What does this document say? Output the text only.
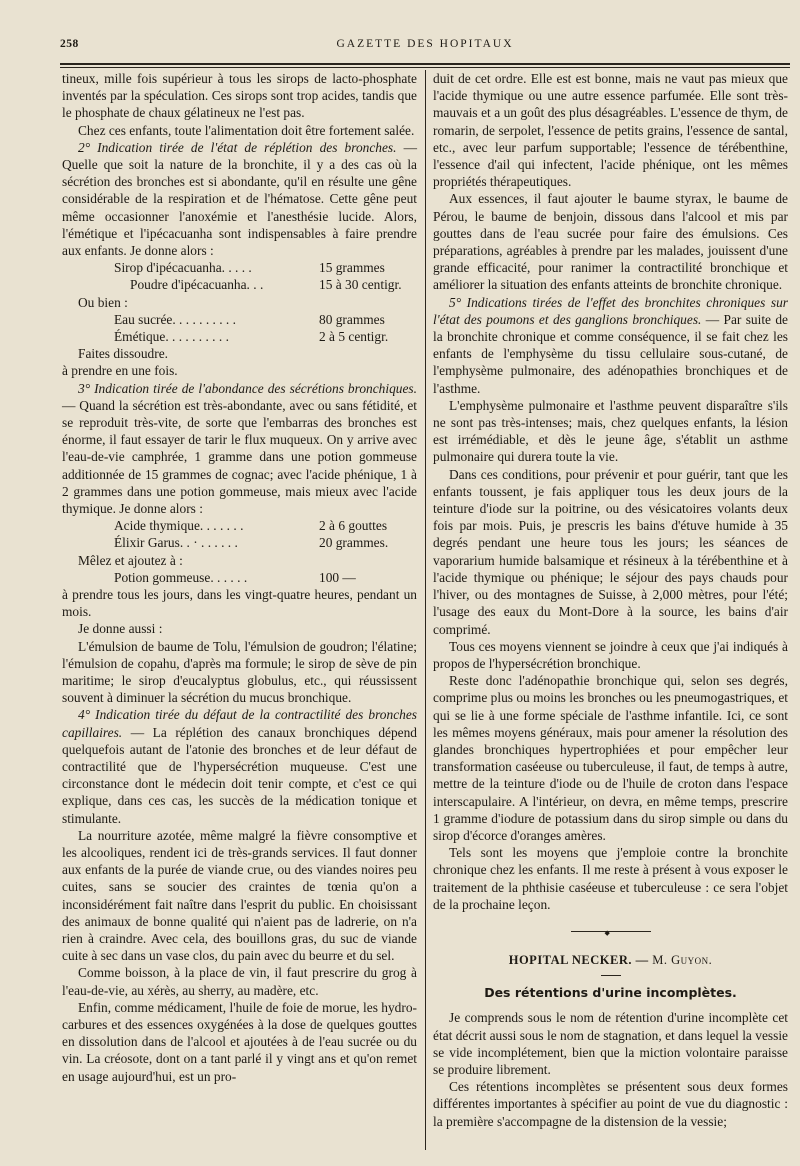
258	GAZETTE DES HOPITAUX

tineux, mille fois supérieur à tous les sirops de lacto-phosphate inventés par la spéculation. Ces sirops sont trop acides, tandis que le phosphate de chaux gélatineux ne l'est pas.

Chez ces enfants, toute l'alimentation doit être fortement salée.

2° Indication tirée de l'état de réplétion des bronches. — Quelle que soit la nature de la bronchite, il y a des cas où la sécrétion des bronches est si abondante, qu'il en résulte une gêne considérable de la respiration et de l'hématose. Cette gêne peut même occasionner l'anoxémie et l'anesthésie lucide. Alors, l'émétique et l'ipécacuanha sont indispensables à faire prendre aux enfants. Je donne alors :

Sirop d'ipécacuanha. . . . .	15 grammes
Poudre d'ipécacuanha. . .	15 à 30 centigr.

Ou bien :

Eau sucrée. . . . . . . . . .	80 grammes
Émétique. . . . . . . . . .	2 à 5 centigr.

Faites dissoudre.

à prendre en une fois.

3° Indication tirée de l'abondance des sécrétions bronchiques. — Quand la sécrétion est très-abondante, avec ou sans fétidité, et se reproduit très-vite, de sorte que l'embarras des bronches est énorme, il faut essayer de tarir le flux muqueux. On y arrive avec l'eau-de-vie camphrée, 1 gramme dans une potion gommeuse additionnée de 15 grammes de cognac; avec l'acide phénique, 1 à 2 grammes dans une potion gommeuse, mais mieux avec l'acide thymique. Je donne alors :

Acide thymique. . . . . . .	2 à 6 gouttes
Élixir Garus. . · . . . . . .	20 grammes.

Mêlez et ajoutez à :

Potion gommeuse. . . . . .	100 —

à prendre tous les jours, dans les vingt-quatre heures, pendant un mois.

Je donne aussi :

L'émulsion de baume de Tolu, l'émulsion de goudron; l'élatine; l'émulsion de copahu, d'après ma formule; le sirop de sève de pin maritime; le sirop d'eucalyptus globulus, etc., qui réussissent souvent à diminuer la sécrétion du mucus bronchique.

4° Indication tirée du défaut de la contractilité des bronches capillaires. — La réplétion des canaux bronchiques dépend quelquefois autant de l'atonie des bronches et de leur défaut de contractilité que de l'hypersécrétion muqueuse. C'est une circonstance dont le médecin doit tenir compte, et c'est ce qui explique, dans ces cas, les succès de la médication tonique et stimulante.

La nourriture azotée, même malgré la fièvre consomptive et les alcooliques, rendent ici de très-grands services. Il faut donner aux enfants de la purée de viande crue, ou des viandes noires peu cuites, sans se soucier des craintes de tœnia qu'on a inconsidérément fait naître dans l'esprit du public. En choisissant des animaux de bonne qualité qui n'aient pas de ladrerie, on n'a rien à craindre. Avec cela, des bouillons gras, du suc de viande cuite à sec dans un vase clos, du pain avec du beurre et du sel.

Comme boisson, à la place de vin, il faut prescrire du grog à l'eau-de-vie, au xérès, au sherry, au madère, etc.

Enfin, comme médicament, l'huile de foie de morue, les hydro-carbures et des essences oxygénées à la dose de quelques gouttes en dissolution dans de l'alcool et ajoutées à de l'eau sucrée ou du vin. La créosote, dont on a tant parlé il y vingt ans et qu'on remet en usage aujourd'hui, est un pro-

duit de cet ordre. Elle est est bonne, mais ne vaut pas mieux que l'acide thymique ou une autre essence parfumée. Elle sont très-mauvais et a un goût des plus désagréables. L'essence de thym, de romarin, de serpolet, l'essence de petits grains, l'essence de santal, etc., avec leur parfum supportable; l'essence de térébenthine, l'essence d'ail qui infectent, l'acide phénique, ont les mêmes propriétés thérapeutiques.

Aux essences, il faut ajouter le baume styrax, le baume de Pérou, le baume de benjoin, dissous dans l'alcool et mis par gouttes dans de l'eau sucrée pour faire des émulsions. Ces préparations, agréables à prendre par les malades, jouissent d'une grande efficacité, pour ranimer la contractilité bronchique et améliorer la situation des enfants atteints de bronchite chronique.

5° Indications tirées de l'effet des bronchites chroniques sur l'état des poumons et des ganglions bronchiques. — Par suite de la bronchite chronique et comme conséquence, il se fait chez les enfants de l'emphysème du tissu cellulaire sous-cutané, de l'emphysème pulmonaire, des adénopathies bronchiques et de l'asthme.

L'emphysème pulmonaire et l'asthme peuvent disparaître s'ils ne sont pas très-intenses; mais, chez quelques enfants, la lésion est irrémédiable, et dès le jeune âge, s'établit un asthme pulmonaire qui durera toute la vie.

Dans ces conditions, pour prévenir et pour guérir, tant que les enfants toussent, je fais appliquer tous les deux jours de la teinture d'iode sur la poitrine, ou des vésicatoires volants deux fois par mois. Puis, je prescris les bains d'étuve humide à 35 degrés pendant une heure tous les jours; les séances de vaporarium humide balsamique et résineux à la térébenthine et à l'acide thymique ou phénique; le séjour des pays chauds pour l'hiver, ou des montagnes de Suisse, à 2,000 mètres, pour l'été; l'usage des eaux du Mont-Dore à la source, les bains d'air comprimé.

Tous ces moyens viennent se joindre à ceux que j'ai indiqués à propos de l'hypersécrétion bronchique.

Reste donc l'adénopathie bronchique qui, selon ses degrés, comprime plus ou moins les bronches ou les pneumogastriques, et qui se lie à une forme spéciale de l'asthme infantile. Ici, ce sont les mêmes moyens généraux, mais pour amener la résolution des glandes bronchiques hypertrophiées et pour empêcher leur transformation caséeuse ou tuberculeuse, il faut, de temps à autre, mettre de la teinture d'iode ou de l'huile de croton dans l'espace interscapulaire. A l'intérieur, on devra, en même temps, prescrire 1 gramme d'iodure de potassium dans du sirop simple ou dans du sirop d'écorce d'oranges amères.

Tels sont les moyens que j'emploie contre la bronchite chronique chez les enfants. Il me reste à présent à vous exposer le traitement de la phthisie caséeuse et tuberculeuse : ce sera l'objet de la prochaine leçon.

◆
HOPITAL NECKER. — M. Guyon.
Des rétentions d'urine incomplètes.

Je comprends sous le nom de rétention d'urine incomplète cet état décrit aussi sous le nom de stagnation, et dans lequel la vessie se vide incomplétement, bien que la miction volontaire paraisse se produire librement.

Ces rétentions incomplètes se présentent sous deux formes différentes importantes à spécifier au point de vue du diagnostic : la première s'accompagne de la distension de la vessie;
